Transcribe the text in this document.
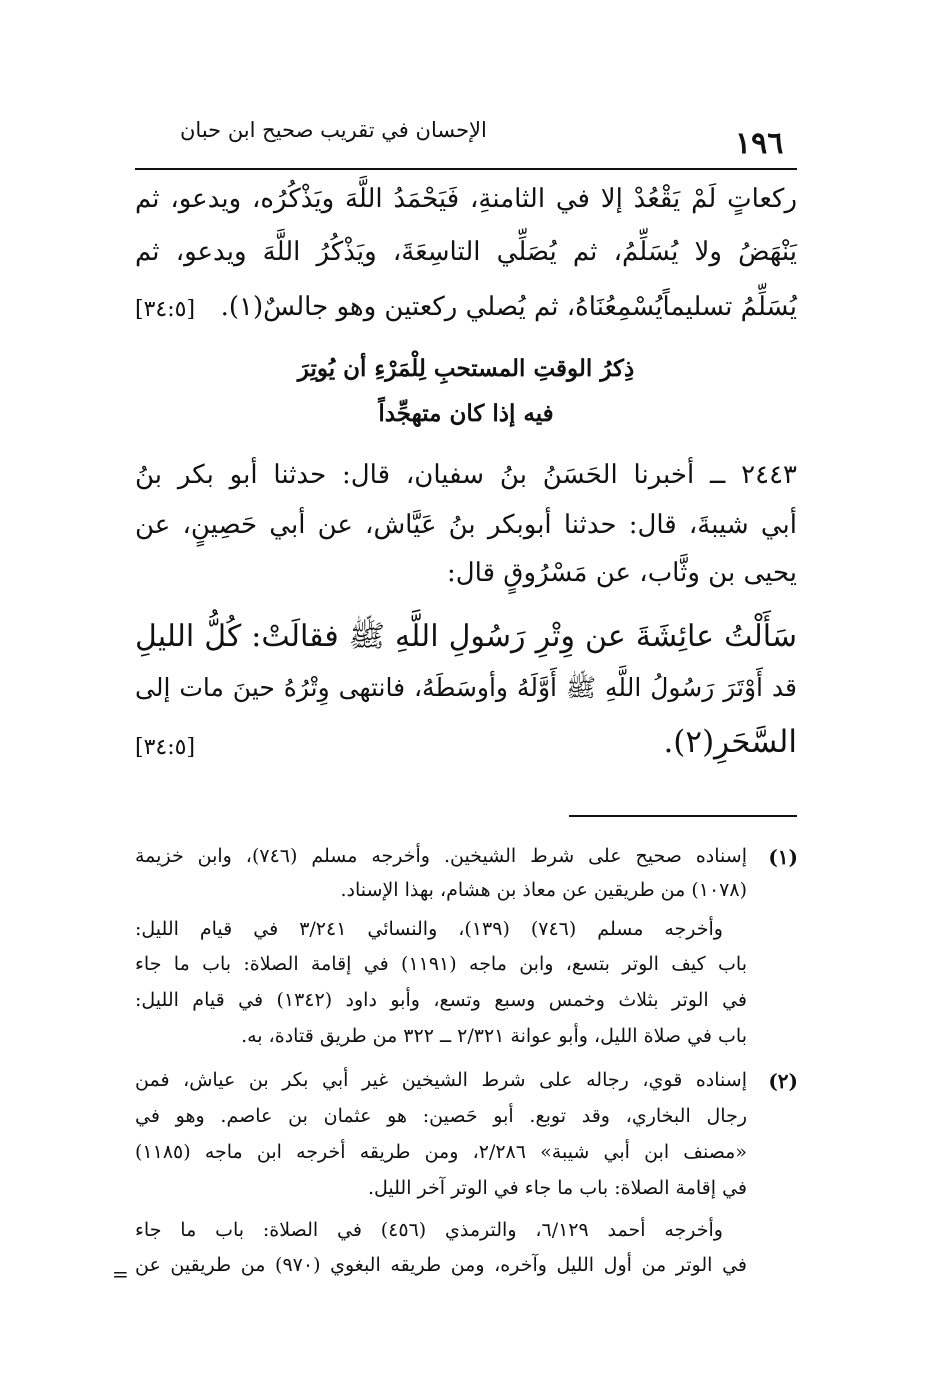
١٩٦
الإحسان في تقريب صحيح ابن حبان
ركعاتٍ لَمْ يَقْعُدْ إلا في الثامنةِ، فَيَحْمَدُ اللَّهَ ويَذْكُرُه، ويدعو، ثم
يَنْهَضُ ولا يُسَلِّمُ، ثم يُصَلِّي التاسِعَةَ، ويَذْكُرُ اللَّهَ ويدعو، ثم
يُسَلِّمُ تسليماًيُسْمِعُنَاهُ، ثم يُصلي ركعتين وهو جالسٌ(١).
[٣٤:٥]
ذِكرُ الوقتِ المستحبِ لِلْمَرْءِ أن يُوتِرَ
فيه إذا كان متهجِّداً
٢٤٤٣ ــ أخبرنا الحَسَنُ بنُ سفيان، قال: حدثنا أبو بكر بنُ
أبي شيبةَ، قال: حدثنا أبوبكر بنُ عَيَّاش، عن أبي حَصِينٍ، عن
يحيى بن وثَّاب، عن مَسْرُوقٍ قال:
سَأَلْتُ عائِشَةَ عن وِتْرِ رَسُولِ اللَّهِ ﷺ فقالَتْ: كُلُّ الليلِ
قد أَوْتَرَ رَسُولُ اللَّهِ ﷺ أَوَّلَهُ وأوسَطَهُ، فانتهى وِتْرُهُ حينَ مات إلى
السَّحَرِ(٢).
[٣٤:٥]
(١)
إسناده صحيح على شرط الشيخين. وأخرجه مسلم (٧٤٦)، وابن خزيمة
(١٠٧٨) من طريقين عن معاذ بن هشام، بهذا الإسناد.
وأخرجه مسلم (٧٤٦) (١٣٩)، والنسائي ٣/٢٤١ في قيام الليل:
باب كيف الوتر بتسع، وابن ماجه (١١٩١) في إقامة الصلاة: باب ما جاء
في الوتر بثلاث وخمس وسبع وتسع، وأبو داود (١٣٤٢) في قيام الليل:
باب في صلاة الليل، وأبو عوانة ٢/٣٢١ ــ ٣٢٢ من طريق قتادة، به.
(٢)
إسناده قوي، رجاله على شرط الشيخين غير أبي بكر بن عياش، فمن
رجال البخاري، وقد توبع. أبو حَصين: هو عثمان بن عاصم. وهو في
«مصنف ابن أبي شيبة» ٢/٢٨٦، ومن طريقه أخرجه ابن ماجه (١١٨٥)
في إقامة الصلاة: باب ما جاء في الوتر آخر الليل.
وأخرجه أحمد ٦/١٢٩، والترمذي (٤٥٦) في الصلاة: باب ما جاء
في الوتر من أول الليل وآخره، ومن طريقه البغوي (٩٧٠) من طريقين عن
=
